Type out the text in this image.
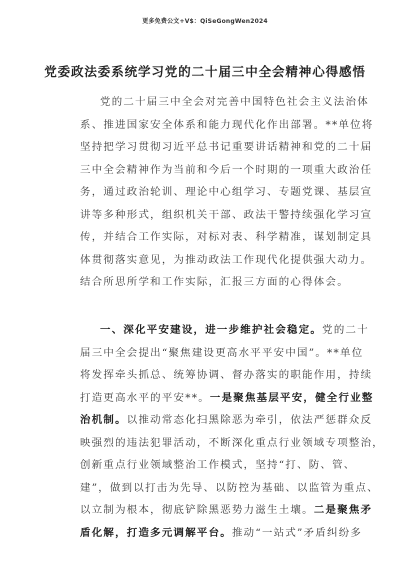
更多免费公文+V$：QiSeGongWen2024
党委政法委系统学习党的二十届三中全会精神心得感悟
党的二十届三中全会对完善中国特色社会主义法治体
系、推进国家安全体系和能力现代化作出部署。**单位将
坚持把学习贯彻习近平总书记重要讲话精神和党的二十届
三中全会精神作为当前和今后一个时期的一项重大政治任
务，通过政治轮训、理论中心组学习、专题党课、基层宣
讲等多种形式，组织机关干部、政法干警持续强化学习宣
传，并结合工作实际，对标对表、科学精准，谋划制定具
体贯彻落实意见，为推动政法工作现代化提供强大动力。
结合所思所学和工作实际，汇报三方面的心得体会。
一、深化平安建设，进一步维护社会稳定。党的二十
届三中全会提出“聚焦建设更高水平平安中国”。**单位
将发挥牵头抓总、统筹协调、督办落实的职能作用，持续
打造更高水平的平安**。一是聚焦基层平安，健全行业整
治机制。以推动常态化扫黑除恶为牵引，依法严惩群众反
映强烈的违法犯罪活动，不断深化重点行业领域专项整治，
创新重点行业领域整治工作模式，坚持“打、防、管、
建”，做到以打击为先导、以防控为基础、以监管为重点、
以立制为根本，彻底铲除黑恶势力滋生土壤。二是聚焦矛
盾化解，打造多元调解平台。推动“一站式”矛盾纠纷多
